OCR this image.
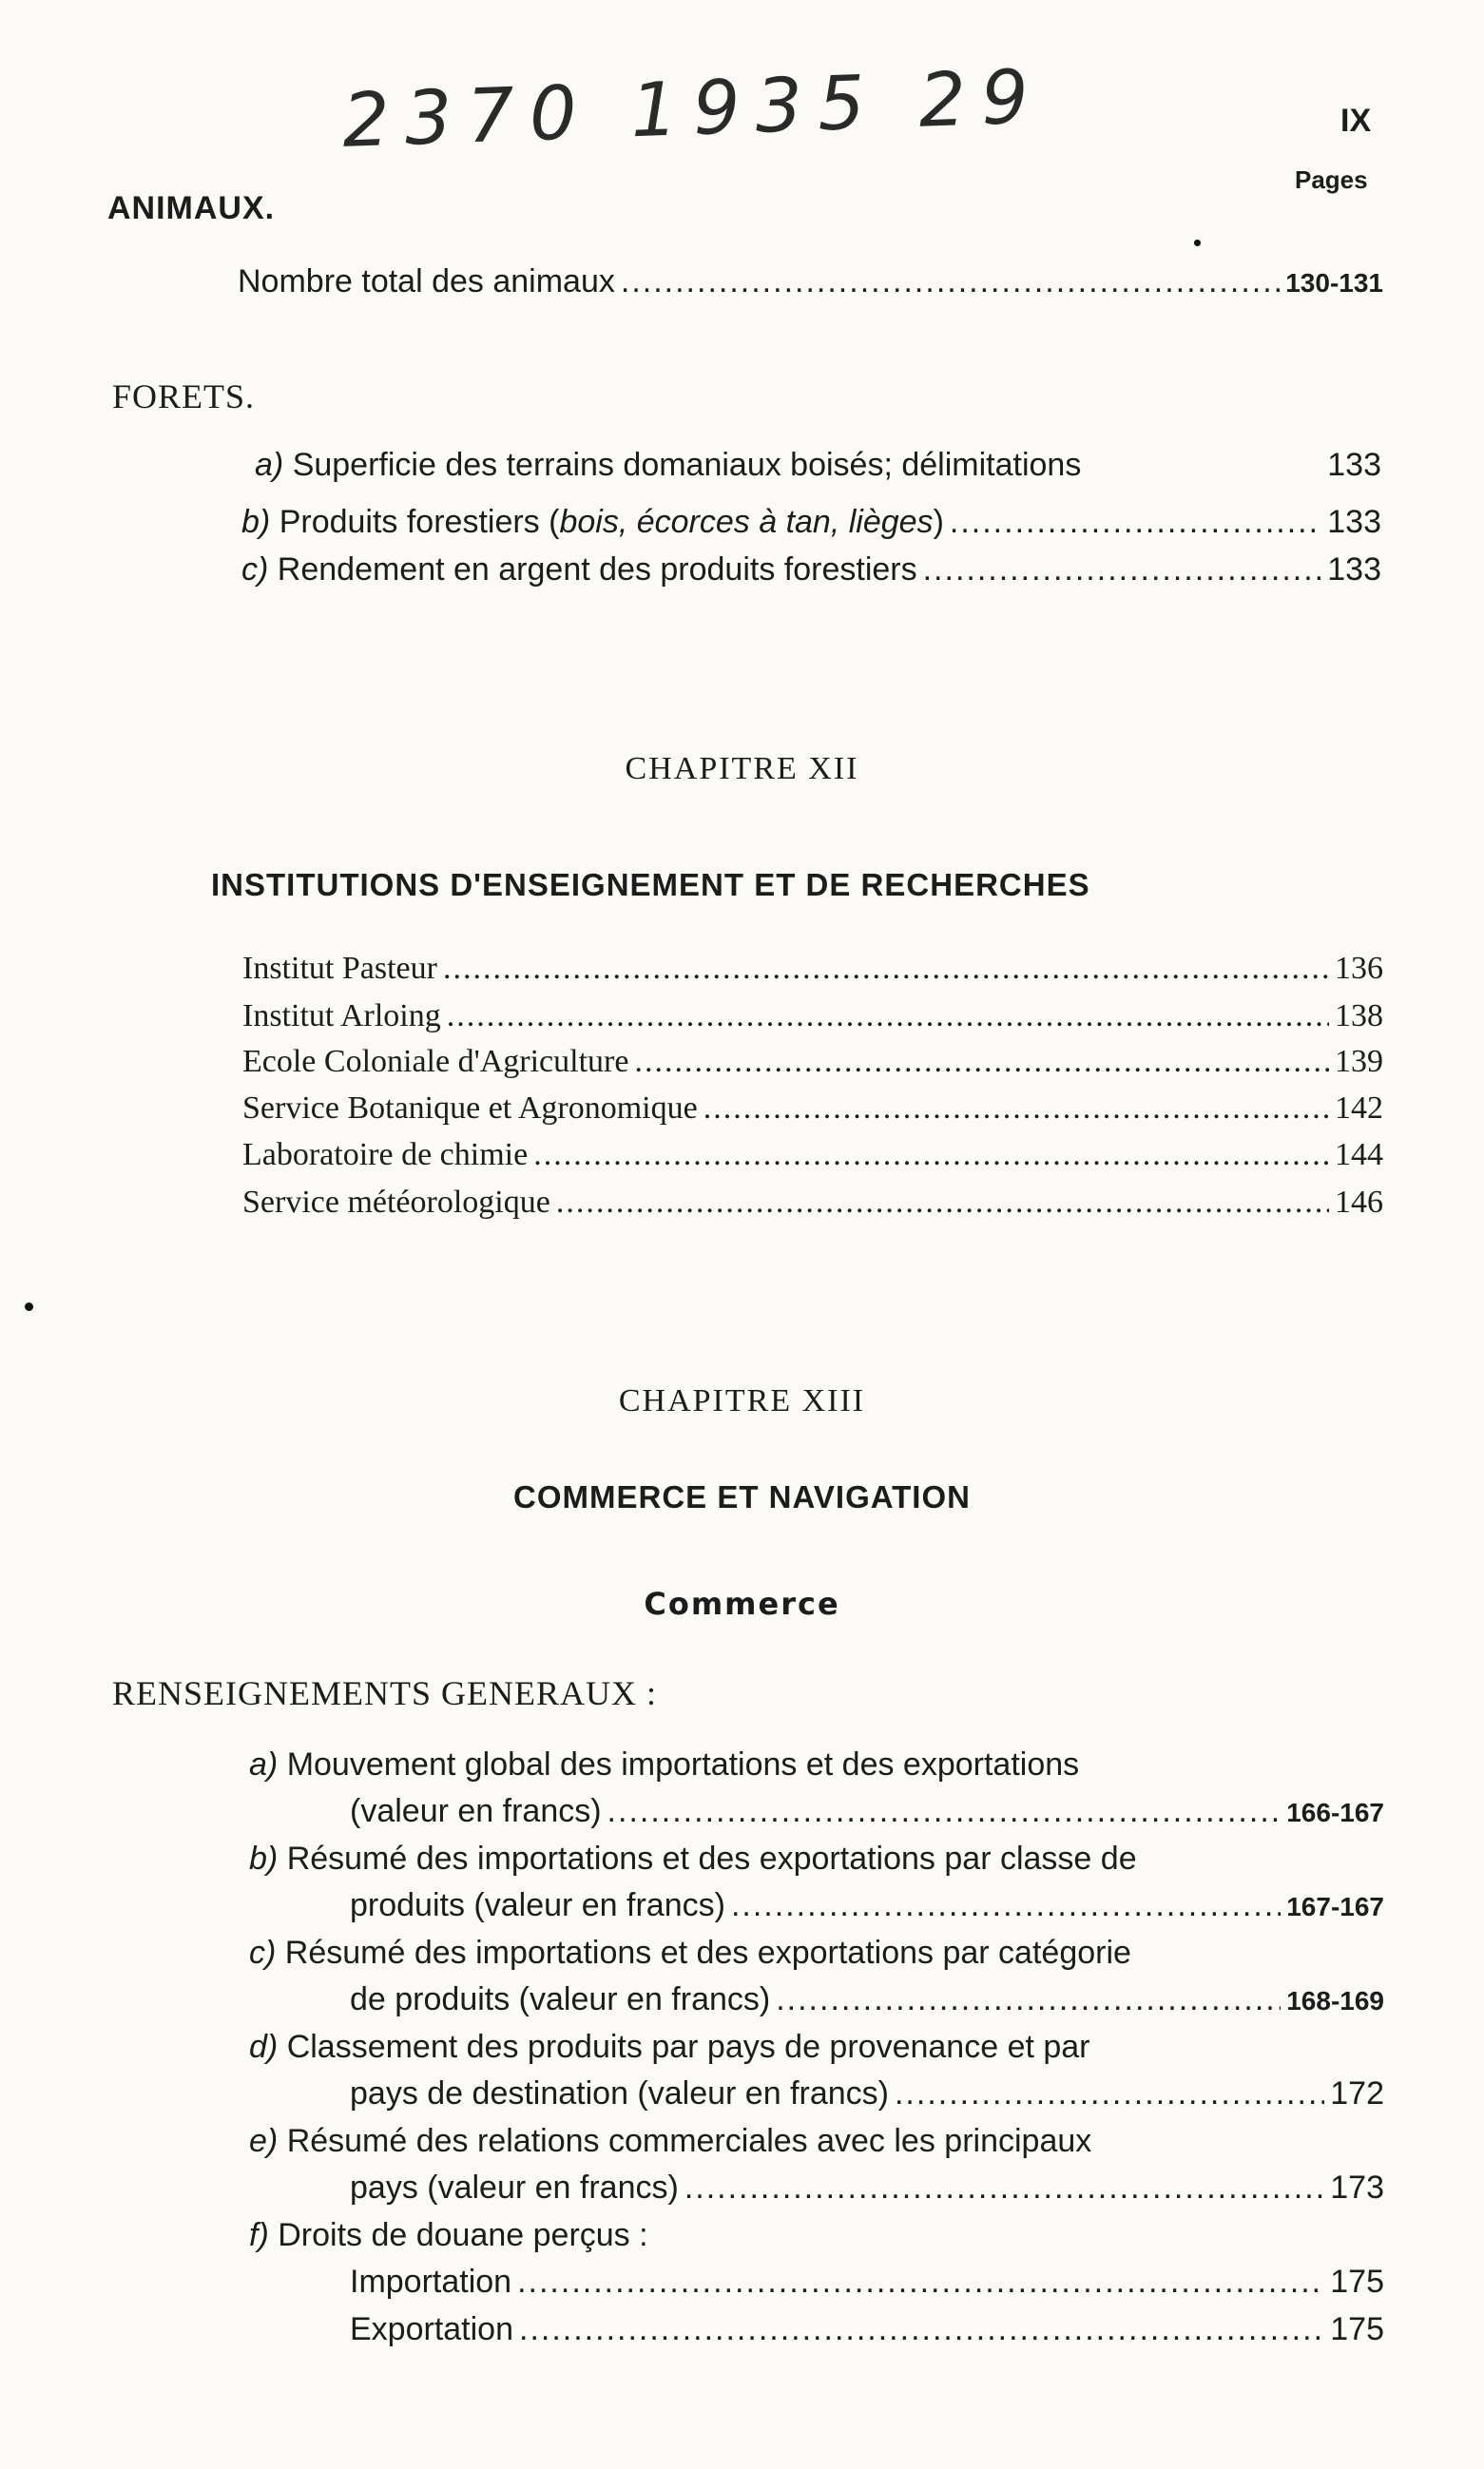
2370 1935 29	IX
Pages
ANIMAUX.
Nombre total des animaux .....	130-131
FORETS.
a) Superficie des terrains domaniaux boisés; délimitations	133
b) Produits forestiers (bois, écorces à tan, lièges) .....	133
c) Rendement en argent des produits forestiers .....	133
CHAPITRE XII
INSTITUTIONS D'ENSEIGNEMENT ET DE RECHERCHES
Institut Pasteur .....	136
Institut Arloing .....	138
Ecole Coloniale d'Agriculture .....	139
Service Botanique et Agronomique .....	142
Laboratoire de chimie .....	144
Service météorologique .....	146
CHAPITRE XIII
COMMERCE ET NAVIGATION
Commerce
RENSEIGNEMENTS GENERAUX :
a) Mouvement global des importations et des exportations
(valeur en francs) .....	166-167
b) Résumé des importations et des exportations par classe de
produits (valeur en francs) .....	167-167
c) Résumé des importations et des exportations par catégorie
de produits (valeur en francs) .....	168-169
d) Classement des produits par pays de provenance et par
pays de destination (valeur en francs) .....	172
e) Résumé des relations commerciales avec les principaux
pays (valeur en francs) .....	173
f) Droits de douane perçus :
Importation .....	175
Exportation .....	175
